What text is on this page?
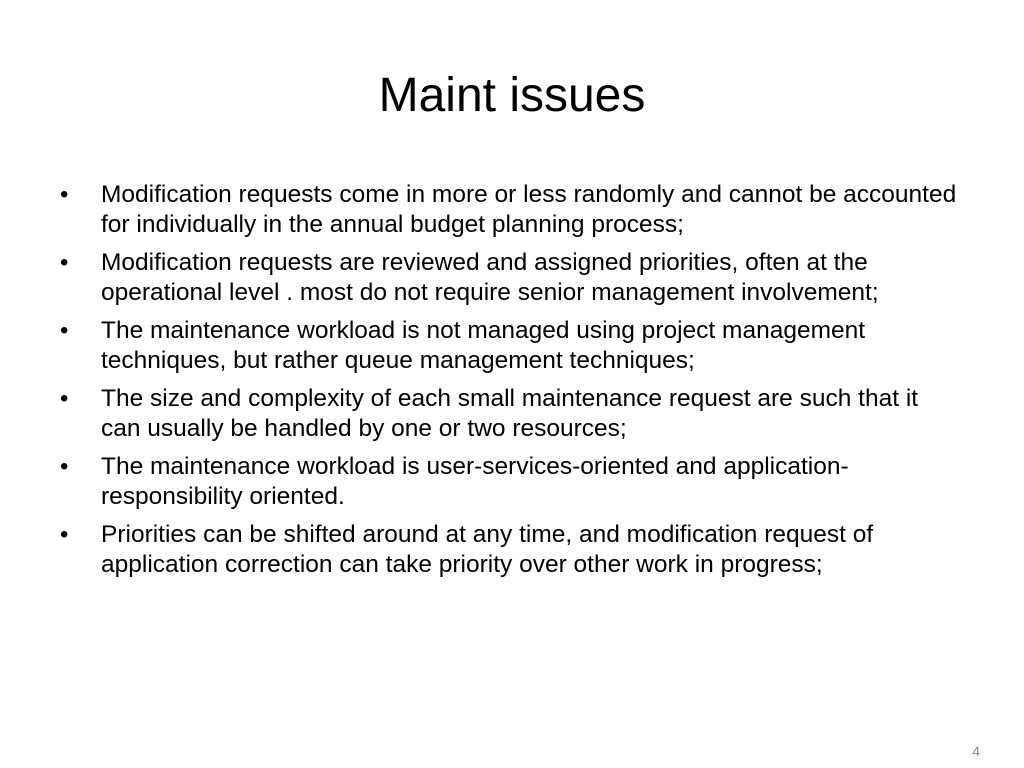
Maint issues
•	Modification requests come in more or less randomly and cannot be accounted for individually in the annual budget planning process;
•	Modification requests are reviewed and assigned priorities, often at the operational level . most do not require senior management involvement;
•	The maintenance workload is not managed using project management techniques, but rather queue management techniques;
•	The size and complexity of each small maintenance request are such that it can usually be handled by one or two resources;
•	The maintenance workload is user-services-oriented and application-responsibility oriented.
•	Priorities can be shifted around at any time, and modification request of application correction can take priority over other work in progress;
4
